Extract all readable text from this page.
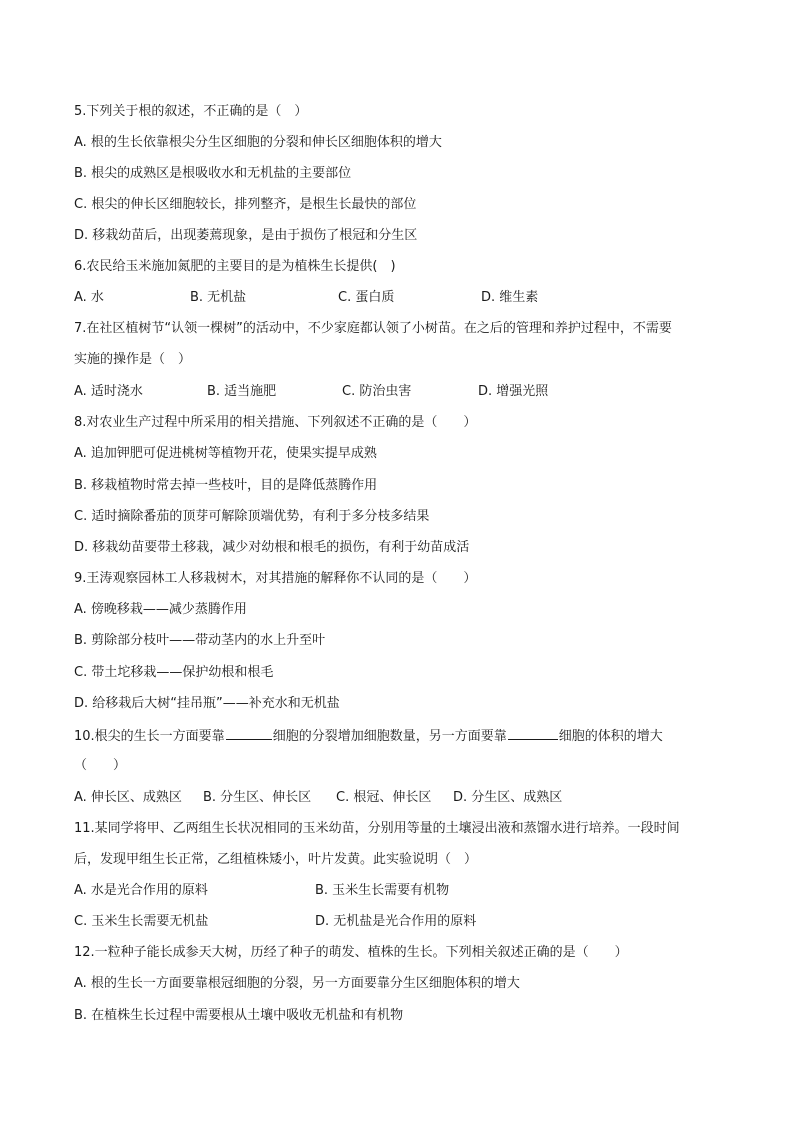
5.下列关于根的叙述，不正确的是（　）
A. 根的生长依靠根尖分生区细胞的分裂和伸长区细胞体积的增大
B. 根尖的成熟区是根吸收水和无机盐的主要部位
C. 根尖的伸长区细胞较长，排列整齐，是根生长最快的部位
D. 移栽幼苗后，出现萎蔫现象，是由于损伤了根冠和分生区
6.农民给玉米施加氮肥的主要目的是为植株生长提供(　)
A. 水	B. 无机盐	C. 蛋白质	D. 维生素
7.在社区植树节“认领一棵树”的活动中，不少家庭都认领了小树苗。在之后的管理和养护过程中，不需要
实施的操作是（　）
A. 适时浇水	B. 适当施肥	C. 防治虫害	D. 增强光照
8.对农业生产过程中所采用的相关措施、下列叙述不正确的是（　　）
A. 追加钾肥可促进桃树等植物开花，使果实提早成熟
B. 移栽植物时常去掉一些枝叶，目的是降低蒸腾作用
C. 适时摘除番茄的顶芽可解除顶端优势，有利于多分枝多结果
D. 移栽幼苗要带土移栽，减少对幼根和根毛的损伤，有利于幼苗成活
9.王涛观察园林工人移栽树木，对其措施的解释你不认同的是（　　）
A. 傍晚移栽——减少蒸腾作用
B. 剪除部分枝叶——带动茎内的水上升至叶
C. 带土坨移栽——保护幼根和根毛
D. 给移栽后大树“挂吊瓶”——补充水和无机盐
10.根尖的生长一方面要靠	细胞的分裂增加细胞数量，另一方面要靠	细胞的体积的增大
（　　）
A. 伸长区、成熟区 B. 分生区、伸长区 C. 根冠、伸长区 D. 分生区、成熟区
11.某同学将甲、乙两组生长状况相同的玉米幼苗，分别用等量的土壤浸出液和蒸馏水进行培养。一段时间
后，发现甲组生长正常，乙组植株矮小，叶片发黄。此实验说明（　）
A. 水是光合作用的原料	B. 玉米生长需要有机物
C. 玉米生长需要无机盐	D. 无机盐是光合作用的原料
12.一粒种子能长成参天大树，历经了种子的萌发、植株的生长。下列相关叙述正确的是（　　）
A. 根的生长一方面要靠根冠细胞的分裂，另一方面要靠分生区细胞体积的增大
B. 在植株生长过程中需要根从土壤中吸收无机盐和有机物
